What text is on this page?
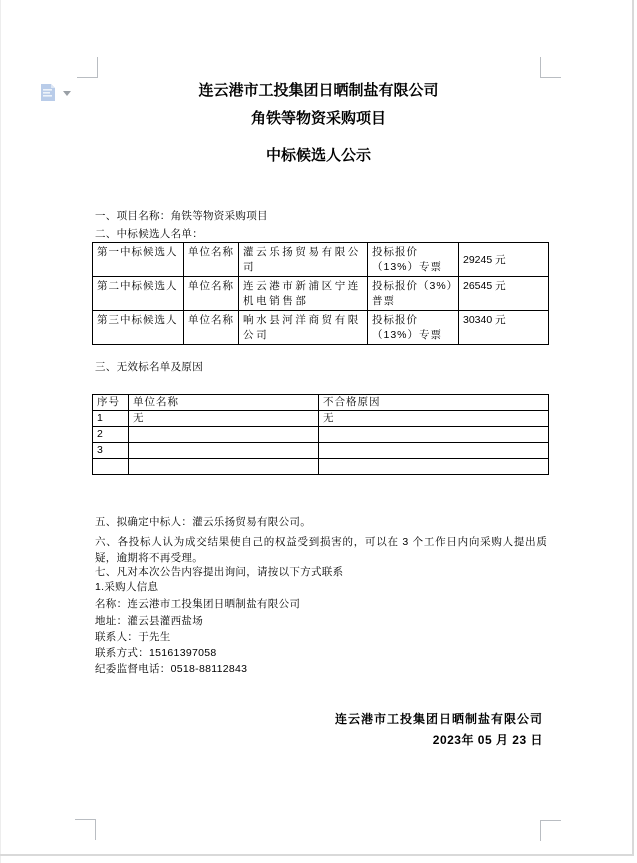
连云港市工投集团日晒制盐有限公司
角铁等物资采购项目
中标候选人公示
一、项目名称：角铁等物资采购项目
二、中标候选人名单：
第一中标候选人	单位名称	灌云乐扬贸易有限公司	投标报价（13%）专票	29245 元
第二中标候选人	单位名称	连云港市新浦区宁连机电销售部	投标报价（3%）普票	26545 元
第三中标候选人	单位名称	响水县河洋商贸有限公司	投标报价（13%）专票	30340 元
三、无效标名单及原因
序号	单位名称	不合格原因
1	无	无
2		
3		

五、拟确定中标人：灌云乐扬贸易有限公司。
六、各投标人认为成交结果使自己的权益受到损害的，可以在 3 个工作日内向采购人提出质
疑，逾期将不再受理。
七、凡对本次公告内容提出询问，请按以下方式联系
1.采购人信息
名称：连云港市工投集团日晒制盐有限公司
地址：灌云县灌西盐场
联系人：于先生
联系方式：15161397058
纪委监督电话：0518-88112843
连云港市工投集团日晒制盐有限公司
2023年 05 月 23 日
